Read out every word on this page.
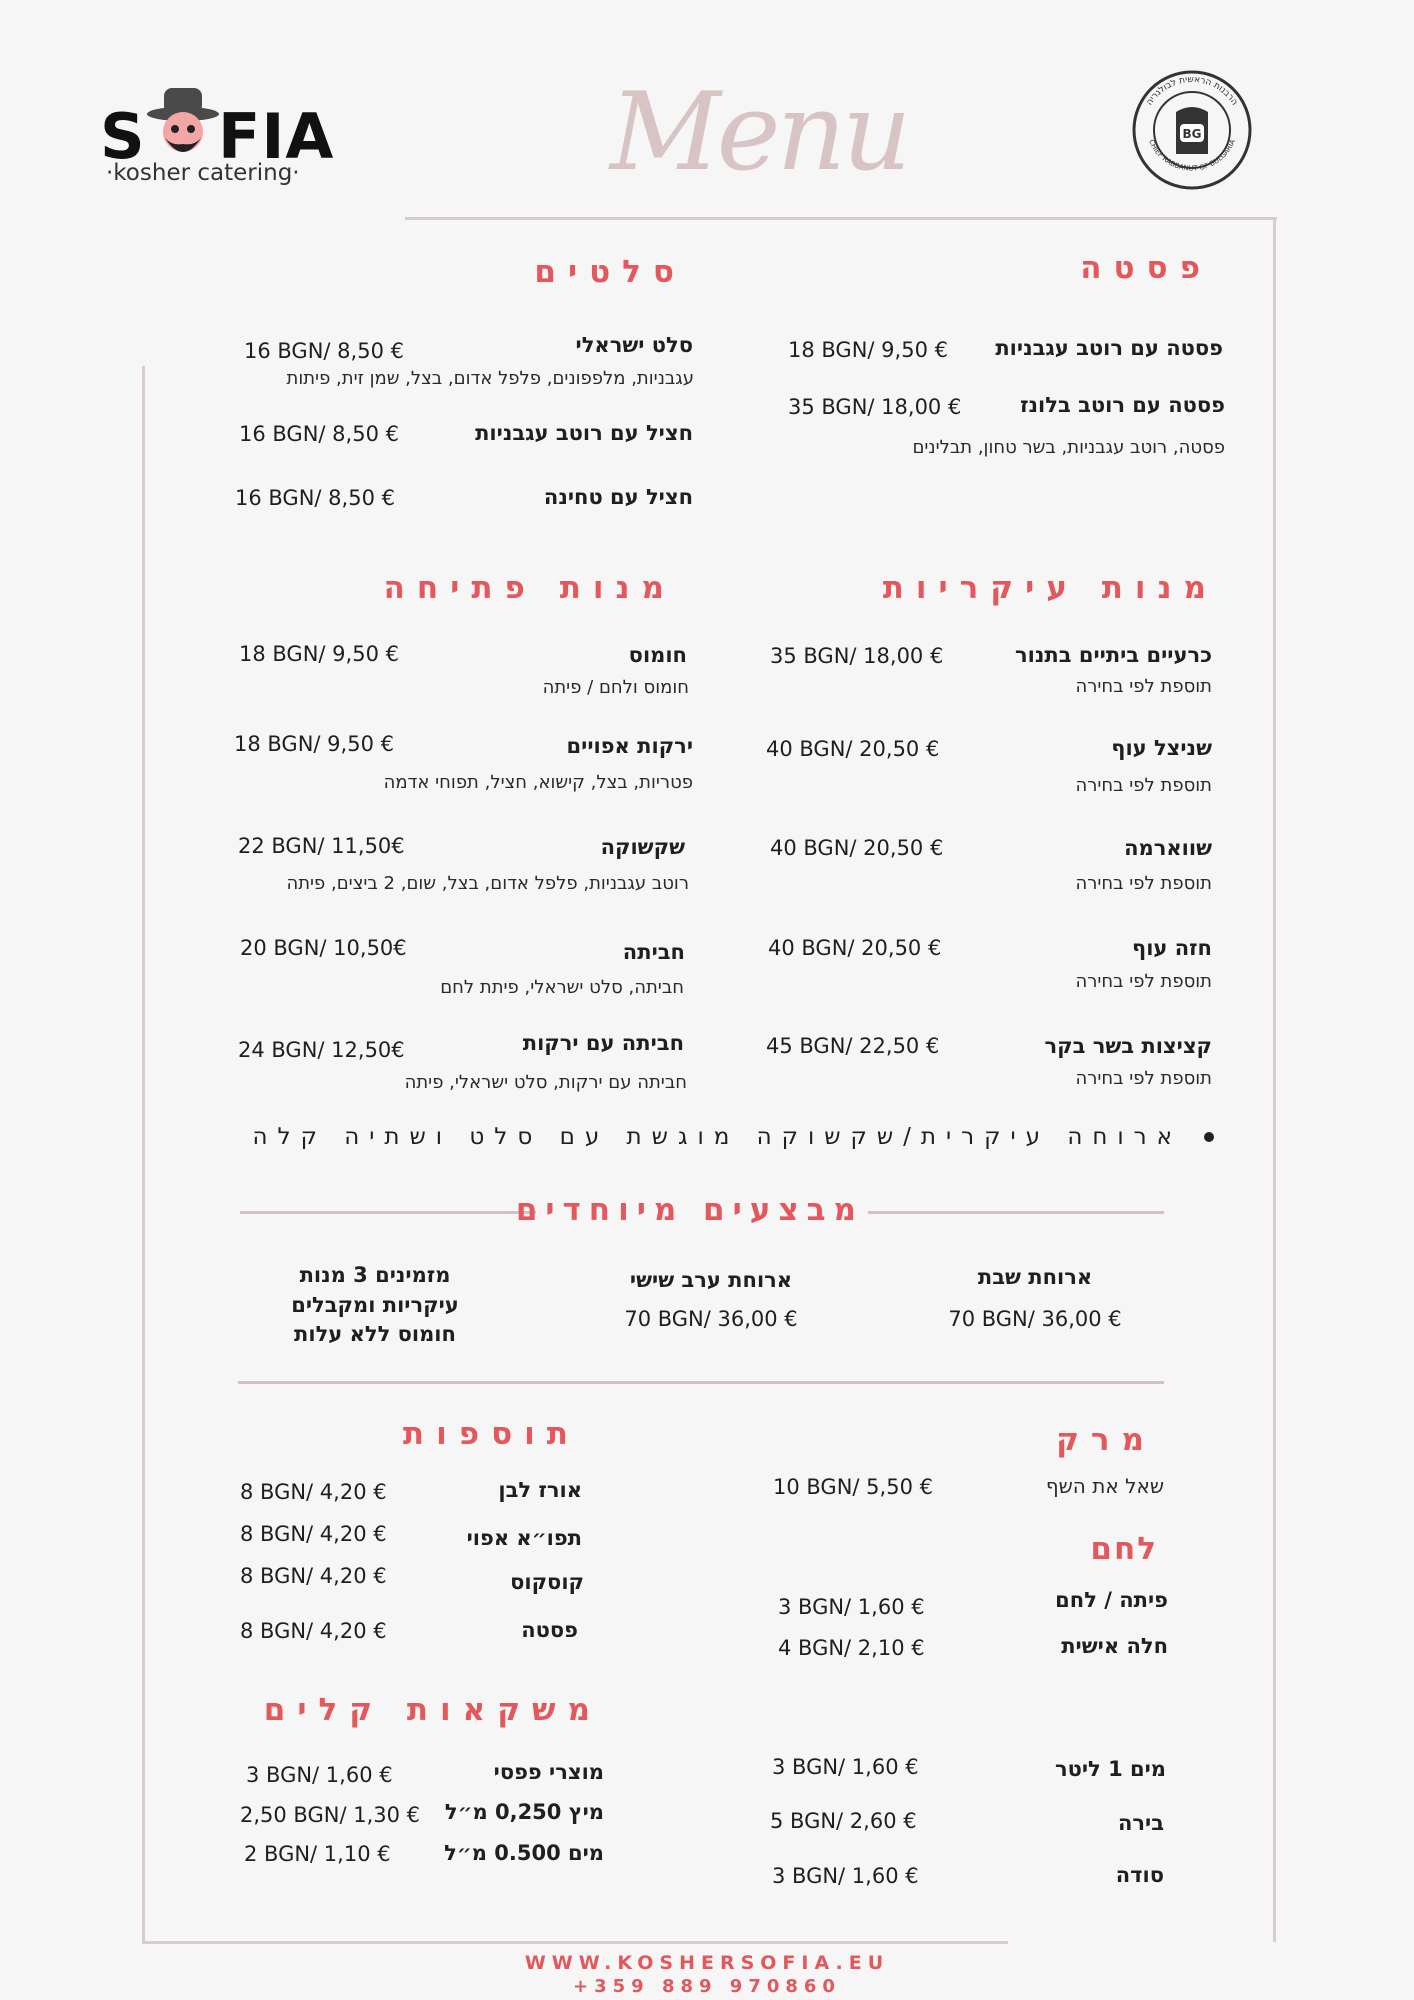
S FIA
·kosher catering·	Menu	BG
הרבנות הראשית לבולגריה
CHIEF RABBANUT OF BULGARIA
פסטה
פסטה עם רוטב עגבניות
18 BGN/ 9,50 €
פסטה עם רוטב בלונז
35 BGN/ 18,00 €
פסטה, רוטב עגבניות, בשר טחון, תבלינים
סלטים
סלט ישראלי
16 BGN/ 8,50 €
עגבניות, מלפפונים, פלפל אדום, בצל, שמן זית, פיתות
חציל עם רוטב עגבניות
16 BGN/ 8,50 €
חציל עם טחינה
16 BGN/ 8,50 €
מנות עיקריות
כרעיים ביתיים בתנור
35 BGN/ 18,00 €
תוספת לפי בחירה
שניצל עוף
40 BGN/ 20,50 €
תוספת לפי בחירה
שווארמה
40 BGN/ 20,50 €
תוספת לפי בחירה
חזה עוף
40 BGN/ 20,50 €
תוספת לפי בחירה
קציצות בשר בקר
45 BGN/ 22,50 €
תוספת לפי בחירה
מנות פתיחה
חומוס
18 BGN/ 9,50 €
חומוס ולחם / פיתה
ירקות אפויים
18 BGN/ 9,50 €
פטריות, בצל, קישוא, חציל, תפוחי אדמה
שקשוקה
22 BGN/ 11,50€
רוטב עגבניות, פלפל אדום, בצל, שום, 2 ביצים, פיתה
חביתה
20 BGN/ 10,50€
חביתה, סלט ישראלי, פיתת לחם
חביתה עם ירקות
24 BGN/ 12,50€
חביתה עם ירקות, סלט ישראלי, פיתה
ארוחה עיקרית/שקשוקה מוגשת עם סלט ושתיה קלה
מבצעים מיוחדים
ארוחת שבת
70 BGN/ 36,00 €
ארוחת ערב שישי
70 BGN/ 36,00 €
מזמינים 3 מנות
עיקריות ומקבלים
חומוס ללא עלות
מרק
שאל את השף
10 BGN/ 5,50 €
לחם
פיתה / לחם
3 BGN/ 1,60 €
חלה אישית
4 BGN/ 2,10 €
תוספות
אורז לבן
8 BGN/ 4,20 €
תפו״א אפוי
8 BGN/ 4,20 €
קוסקוס
8 BGN/ 4,20 €
פסטה
8 BGN/ 4,20 €
משקאות קלים
מים 1 ליטר
3 BGN/ 1,60 €
בירה
5 BGN/ 2,60 €
סודה
3 BGN/ 1,60 €
מוצרי פפסי
3 BGN/ 1,60 €
מיץ 0,250 מ״ל
2,50 BGN/ 1,30 €
מים 0.500 מ״ל
2 BGN/ 1,10 €
WWW.KOSHERSOFIA.EU
+359 889 970860
